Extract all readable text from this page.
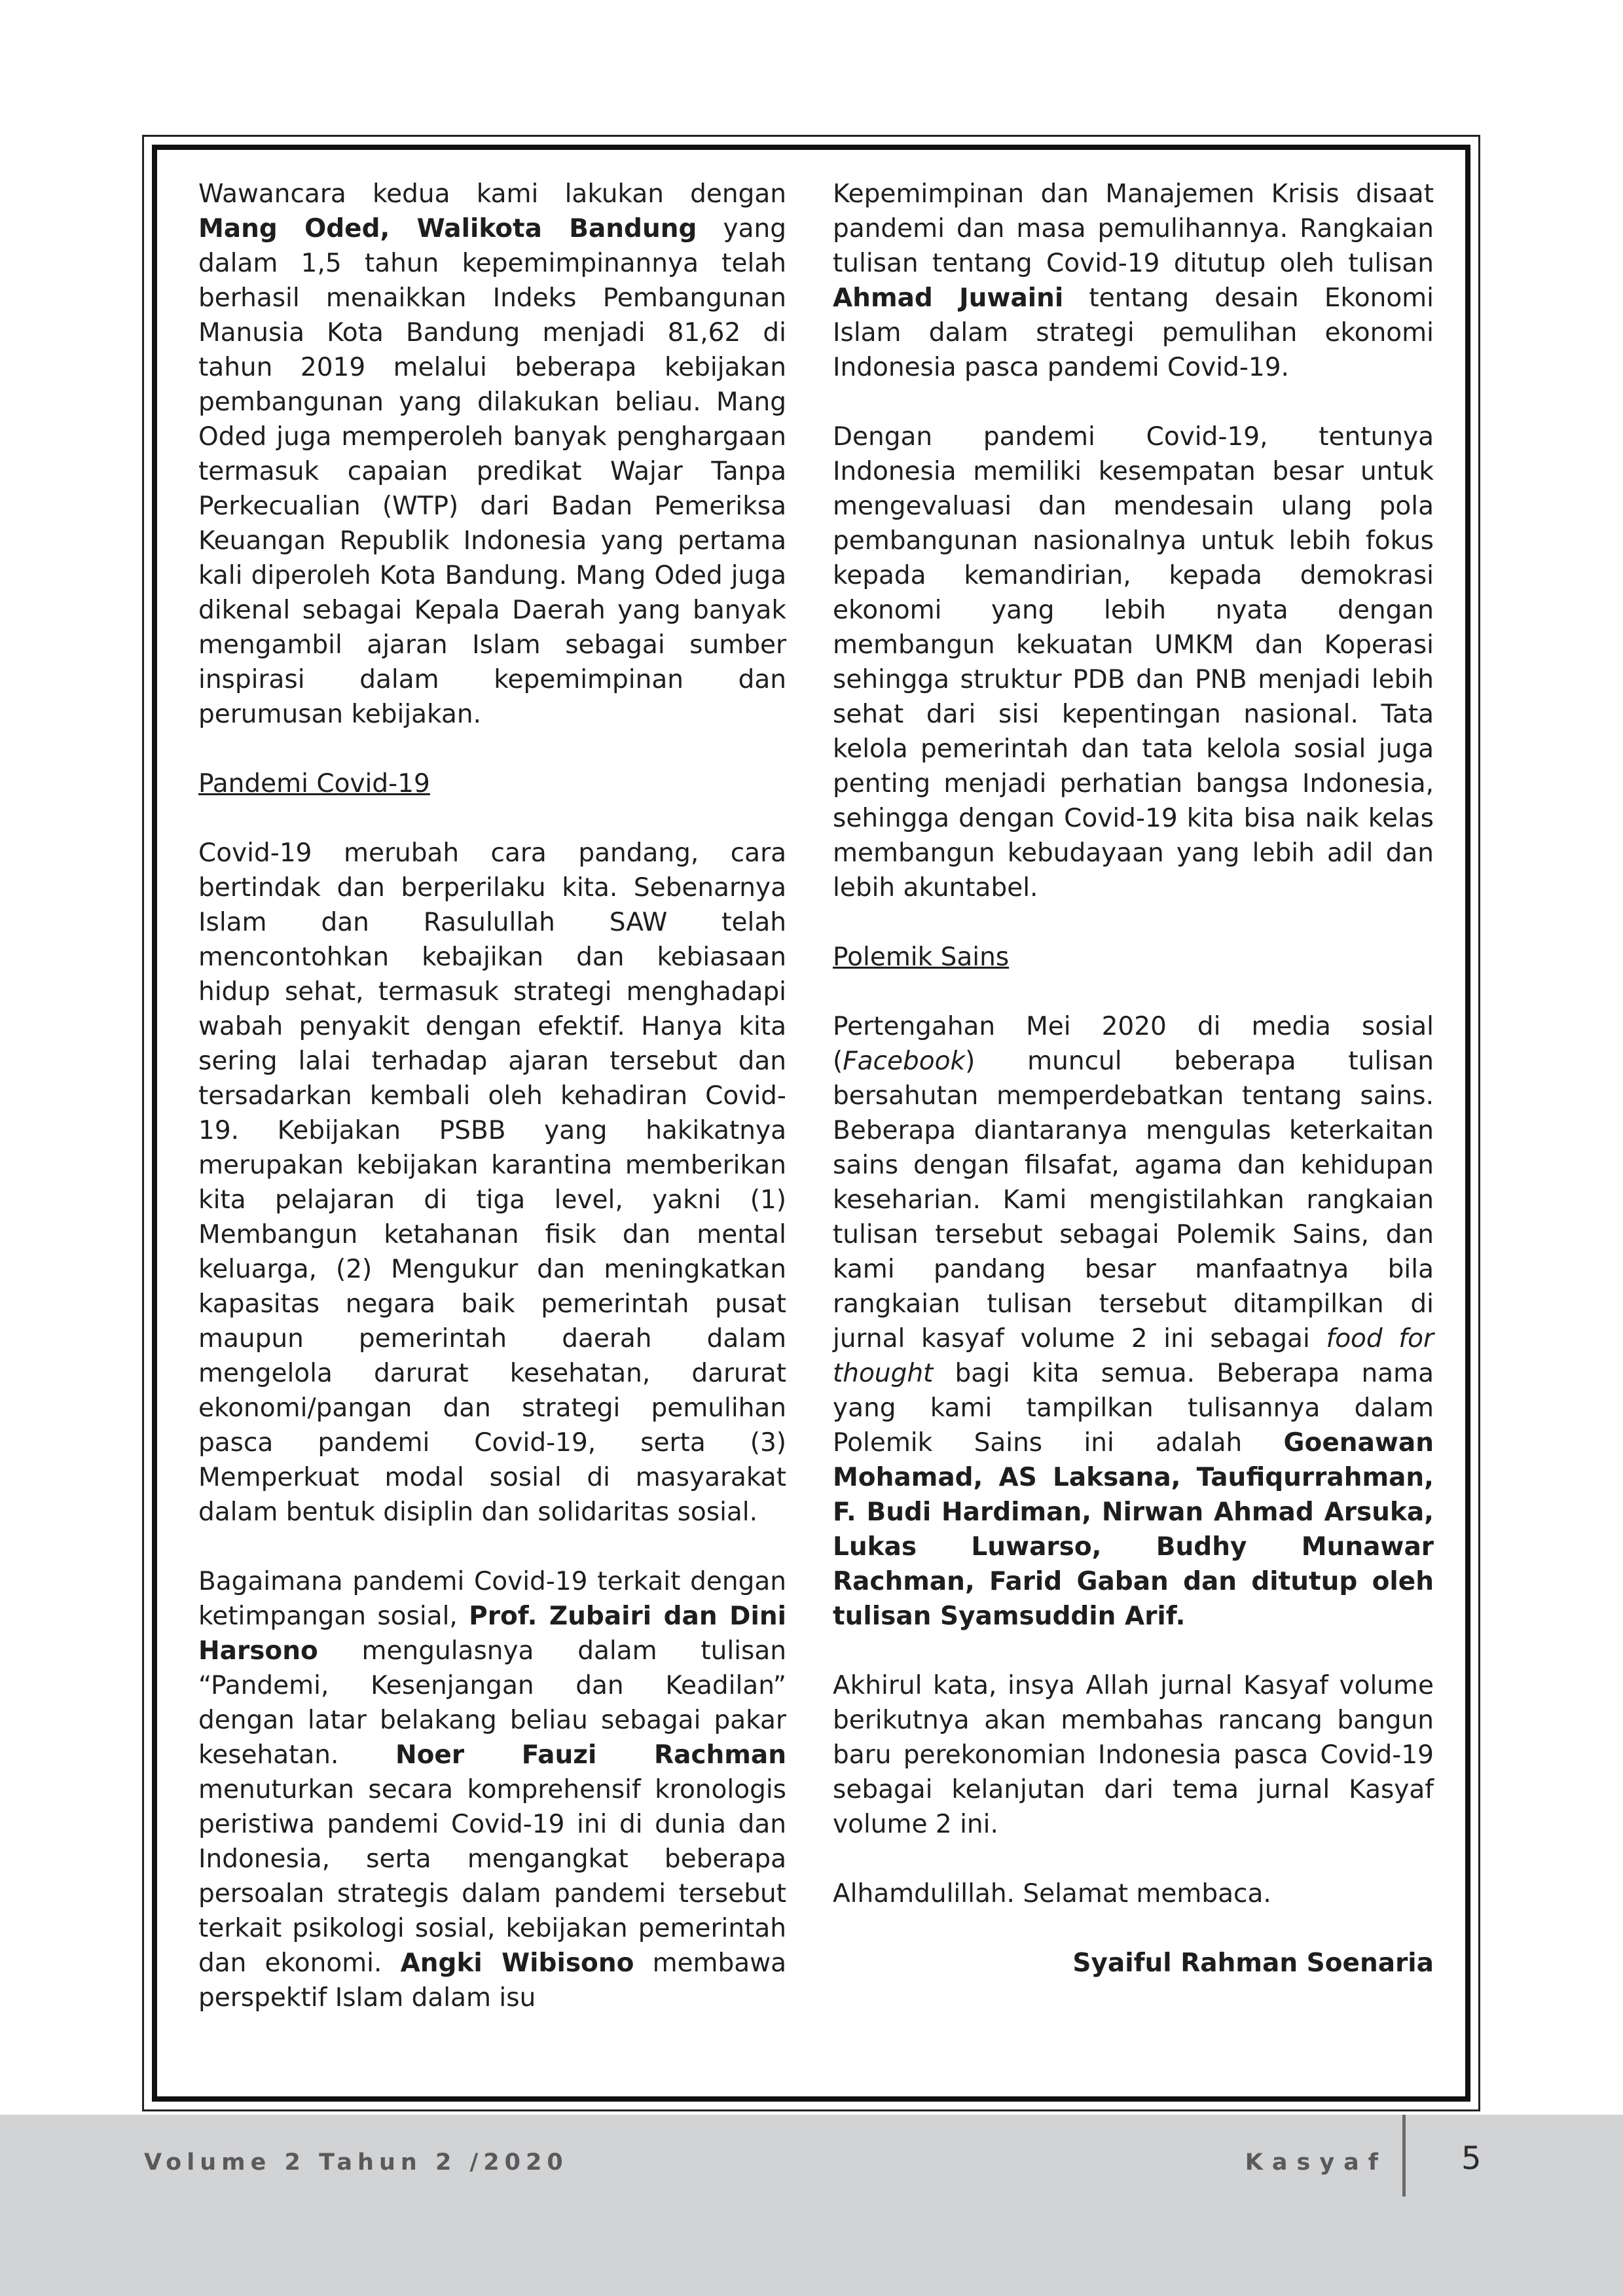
Wawancara kedua kami lakukan dengan Mang Oded, Walikota Bandung yang dalam 1,5 tahun kepemimpinannya telah berhasil menaikkan Indeks Pembangunan Manusia Kota Bandung menjadi 81,62 di tahun 2019 melalui beberapa kebijakan pembangunan yang dilakukan beliau. Mang Oded juga memperoleh banyak penghargaan termasuk capaian predikat Wajar Tanpa Perkecualian (WTP) dari Badan Pemeriksa Keuangan Republik Indonesia yang pertama kali diperoleh Kota Bandung. Mang Oded juga dikenal sebagai Kepala Daerah yang banyak mengambil ajaran Islam sebagai sumber inspirasi dalam kepemimpinan dan perumusan kebijakan.

Pandemi Covid-19

Covid-19 merubah cara pandang, cara bertindak dan berperilaku kita. Sebenarnya Islam dan Rasulullah SAW telah mencontohkan kebajikan dan kebiasaan hidup sehat, termasuk strategi menghadapi wabah penyakit dengan efektif. Hanya kita sering lalai terhadap ajaran tersebut dan tersadarkan kembali oleh kehadiran Covid-19. Kebijakan PSBB yang hakikatnya merupakan kebijakan karantina memberikan kita pelajaran di tiga level, yakni (1) Membangun ketahanan fisik dan mental keluarga, (2) Mengukur dan meningkatkan kapasitas negara baik pemerintah pusat maupun pemerintah daerah dalam mengelola darurat kesehatan, darurat ekonomi/pangan dan strategi pemulihan pasca pandemi Covid-19, serta (3) Memperkuat modal sosial di masyarakat dalam bentuk disiplin dan solidaritas sosial.

Bagaimana pandemi Covid-19 terkait dengan ketimpangan sosial, Prof. Zubairi dan Dini Harsono mengulasnya dalam tulisan “Pandemi, Kesenjangan dan Keadilan” dengan latar belakang beliau sebagai pakar kesehatan. Noer Fauzi Rachman menuturkan secara komprehensif kronologis peristiwa pandemi Covid-19 ini di dunia dan Indonesia, serta mengangkat beberapa persoalan strategis dalam pandemi tersebut terkait psikologi sosial, kebijakan pemerintah dan ekonomi. Angki Wibisono membawa perspektif Islam dalam isu

Kepemimpinan dan Manajemen Krisis disaat pandemi dan masa pemulihannya. Rangkaian tulisan tentang Covid-19 ditutup oleh tulisan Ahmad Juwaini tentang desain Ekonomi Islam dalam strategi pemulihan ekonomi Indonesia pasca pandemi Covid-19.

Dengan pandemi Covid-19, tentunya Indonesia memiliki kesempatan besar untuk mengevaluasi dan mendesain ulang pola pembangunan nasionalnya untuk lebih fokus kepada kemandirian, kepada demokrasi ekonomi yang lebih nyata dengan membangun kekuatan UMKM dan Koperasi sehingga struktur PDB dan PNB menjadi lebih sehat dari sisi kepentingan nasional. Tata kelola pemerintah dan tata kelola sosial juga penting menjadi perhatian bangsa Indonesia, sehingga dengan Covid-19 kita bisa naik kelas membangun kebudayaan yang lebih adil dan lebih akuntabel.

Polemik Sains

Pertengahan Mei 2020 di media sosial (Facebook) muncul beberapa tulisan bersahutan memperdebatkan tentang sains. Beberapa diantaranya mengulas keterkaitan sains dengan filsafat, agama dan kehidupan keseharian. Kami mengistilahkan rangkaian tulisan tersebut sebagai Polemik Sains, dan kami pandang besar manfaatnya bila rangkaian tulisan tersebut ditampilkan di jurnal kasyaf volume 2 ini sebagai food for thought bagi kita semua. Beberapa nama yang kami tampilkan tulisannya dalam Polemik Sains ini adalah Goenawan Mohamad, AS Laksana, Taufiqurrahman, F. Budi Hardiman, Nirwan Ahmad Arsuka, Lukas Luwarso, Budhy Munawar Rachman, Farid Gaban dan ditutup oleh tulisan Syamsuddin Arif.

Akhirul kata, insya Allah jurnal Kasyaf volume berikutnya akan membahas rancang bangun baru perekonomian Indonesia pasca Covid-19 sebagai kelanjutan dari tema jurnal Kasyaf volume 2 ini.

Alhamdulillah. Selamat membaca.

Syaiful Rahman Soenaria

Volume 2 Tahun 2 /2020	Kasyaf 5
